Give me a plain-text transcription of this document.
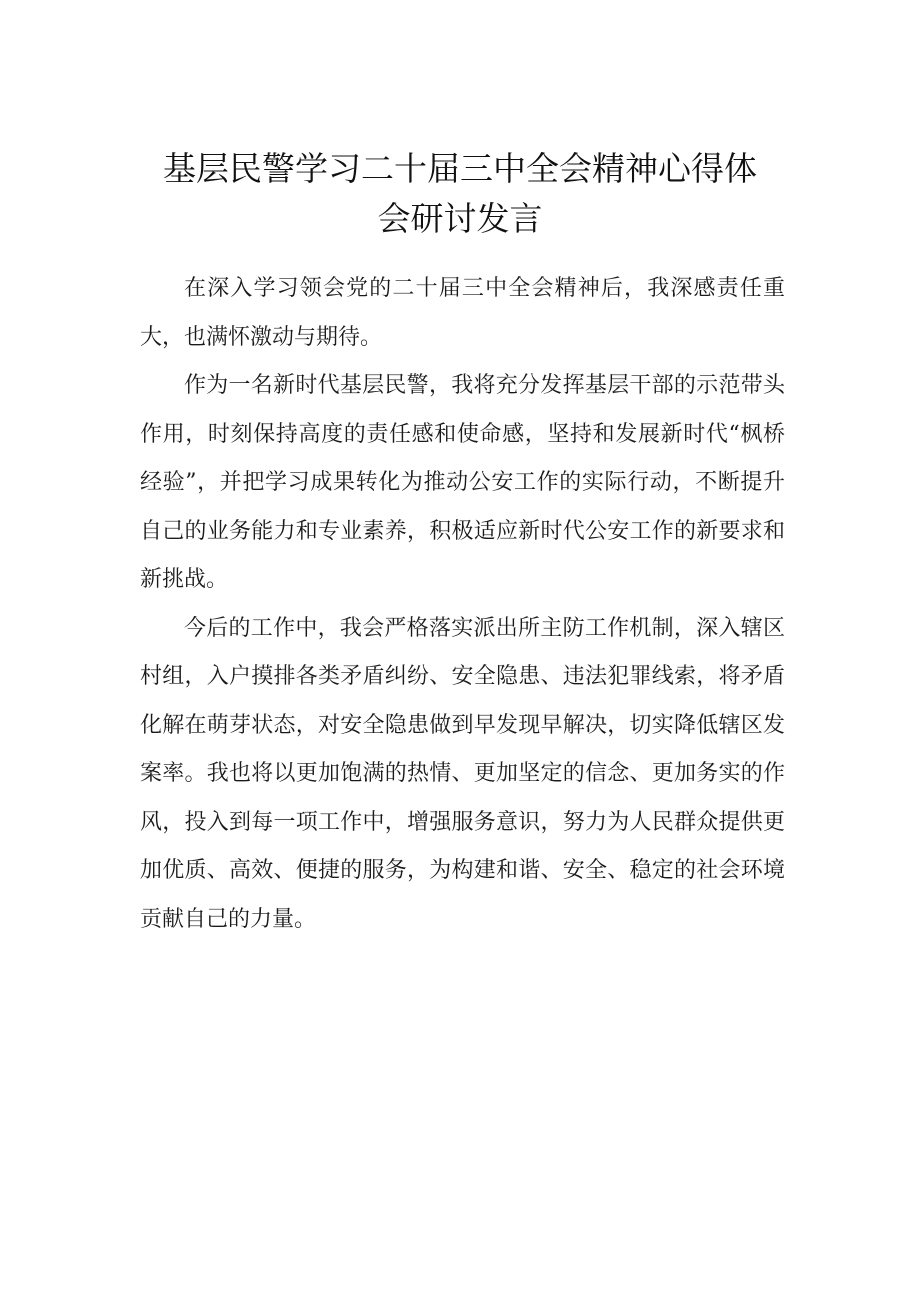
基层民警学习二十届三中全会精神心得体
会研讨发言

在深入学习领会党的二十届三中全会精神后，我深感责任重大，也满怀激动与期待。

作为一名新时代基层民警，我将充分发挥基层干部的示范带头作用，时刻保持高度的责任感和使命感，坚持和发展新时代“枫桥经验”，并把学习成果转化为推动公安工作的实际行动，不断提升自己的业务能力和专业素养，积极适应新时代公安工作的新要求和新挑战。

今后的工作中，我会严格落实派出所主防工作机制，深入辖区村组，入户摸排各类矛盾纠纷、安全隐患、违法犯罪线索，将矛盾化解在萌芽状态，对安全隐患做到早发现早解决，切实降低辖区发案率。我也将以更加饱满的热情、更加坚定的信念、更加务实的作风，投入到每一项工作中，增强服务意识，努力为人民群众提供更加优质、高效、便捷的服务，为构建和谐、安全、稳定的社会环境贡献自己的力量。
